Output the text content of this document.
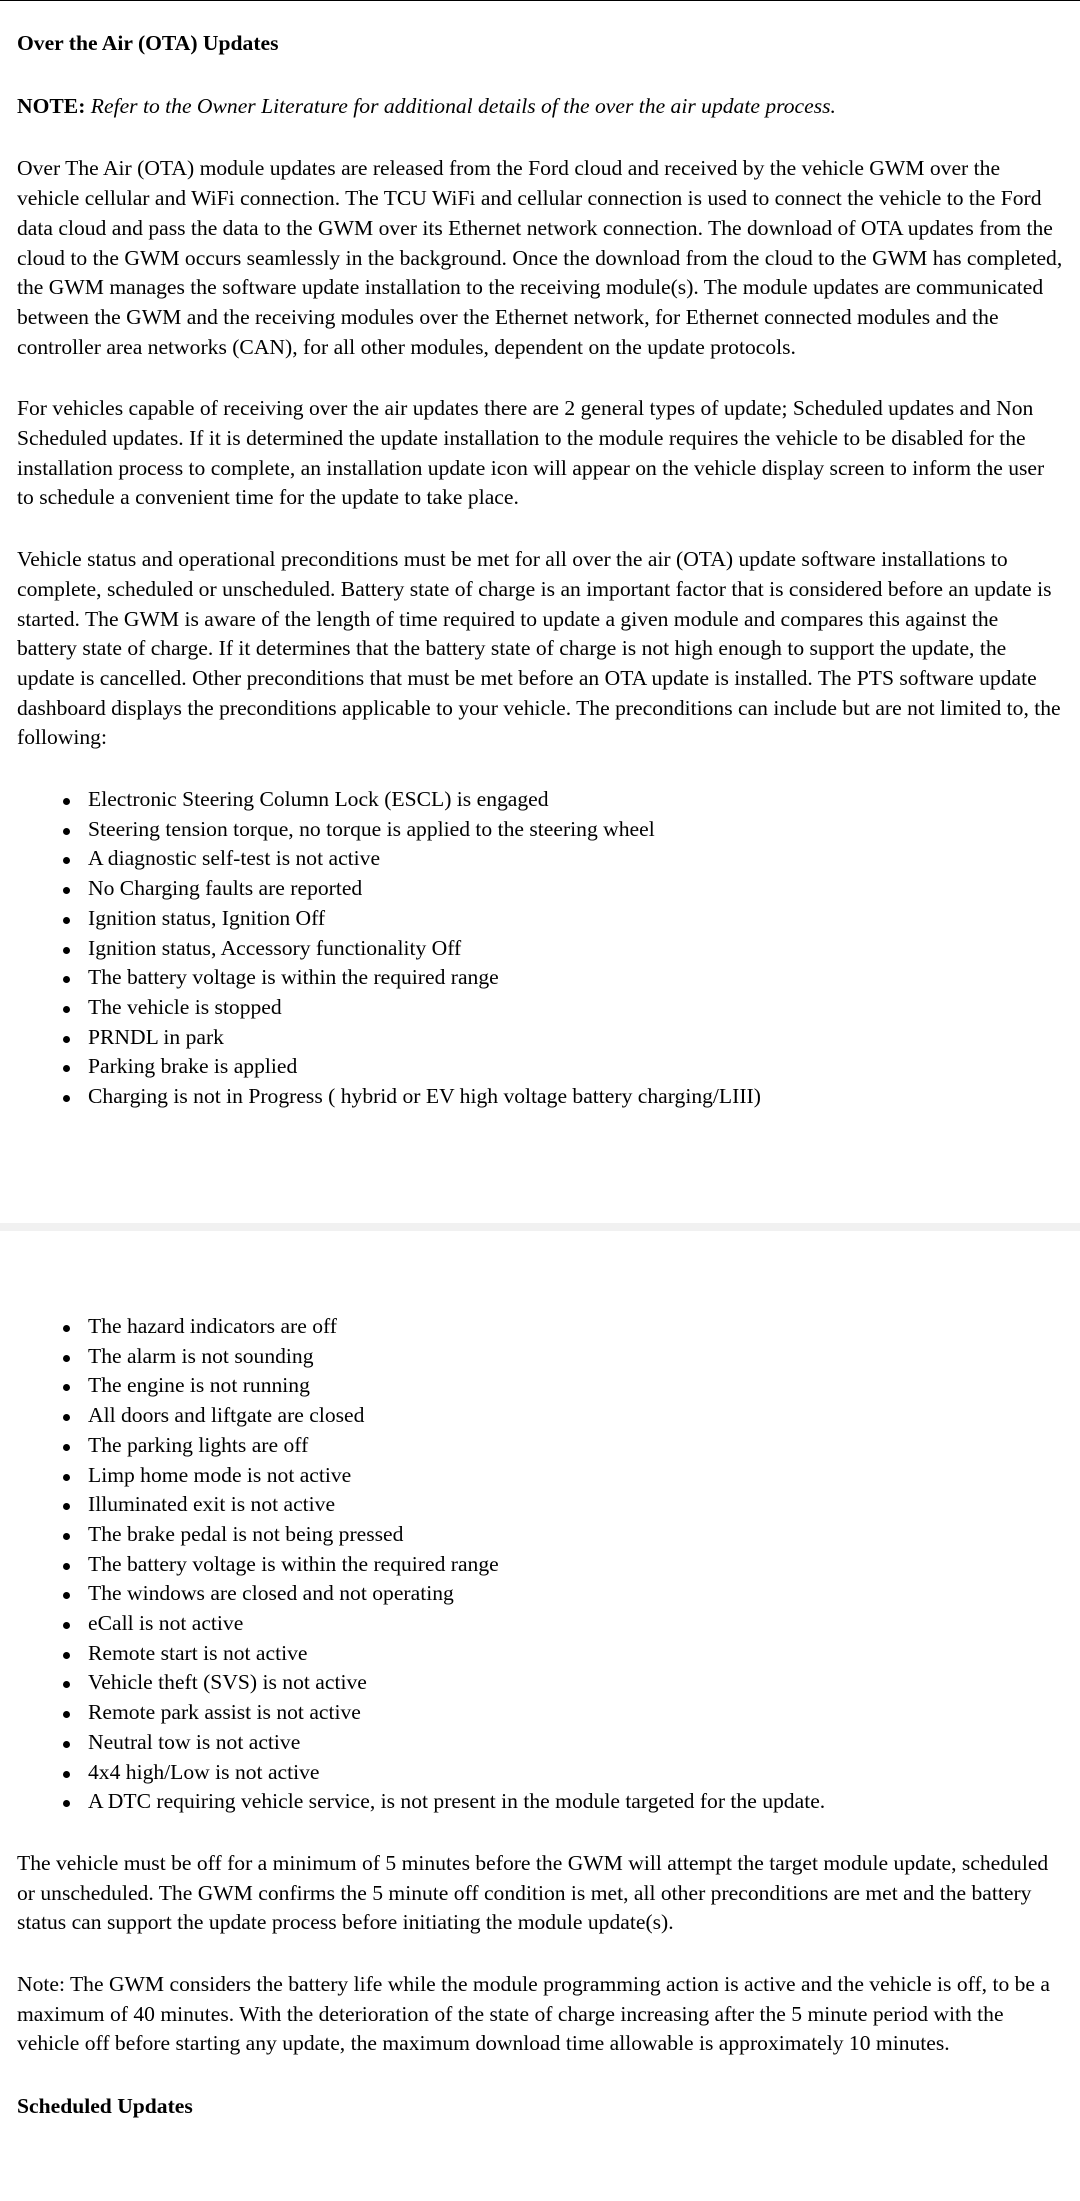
Over the Air (OTA) Updates

NOTE: Refer to the Owner Literature for additional details of the over the air update process.

Over The Air (OTA) module updates are released from the Ford cloud and received by the vehicle GWM over the vehicle cellular and WiFi connection. The TCU WiFi and cellular connection is used to connect the vehicle to the Ford data cloud and pass the data to the GWM over its Ethernet network connection. The download of OTA updates from the cloud to the GWM occurs seamlessly in the background. Once the download from the cloud to the GWM has completed, the GWM manages the software update installation to the receiving module(s). The module updates are communicated between the GWM and the receiving modules over the Ethernet network, for Ethernet connected modules and the controller area networks (CAN), for all other modules, dependent on the update protocols.

For vehicles capable of receiving over the air updates there are 2 general types of update; Scheduled updates and Non Scheduled updates. If it is determined the update installation to the module requires the vehicle to be disabled for the installation process to complete, an installation update icon will appear on the vehicle display screen to inform the user to schedule a convenient time for the update to take place.

Vehicle status and operational preconditions must be met for all over the air (OTA) update software installations to complete, scheduled or unscheduled. Battery state of charge is an important factor that is considered before an update is started. The GWM is aware of the length of time required to update a given module and compares this against the battery state of charge. If it determines that the battery state of charge is not high enough to support the update, the update is cancelled. Other preconditions that must be met before an OTA update is installed. The PTS software update dashboard displays the preconditions applicable to your vehicle. The preconditions can include but are not limited to, the following:

Electronic Steering Column Lock (ESCL) is engaged
Steering tension torque, no torque is applied to the steering wheel
A diagnostic self-test is not active
No Charging faults are reported
Ignition status, Ignition Off
Ignition status, Accessory functionality Off
The battery voltage is within the required range
The vehicle is stopped
PRNDL in park
Parking brake is applied
Charging is not in Progress ( hybrid or EV high voltage battery charging/LIII)
The hazard indicators are off
The alarm is not sounding
The engine is not running
All doors and liftgate are closed
The parking lights are off
Limp home mode is not active
Illuminated exit is not active
The brake pedal is not being pressed
The battery voltage is within the required range
The windows are closed and not operating
eCall is not active
Remote start is not active
Vehicle theft (SVS) is not active
Remote park assist is not active
Neutral tow is not active
4x4 high/Low is not active
A DTC requiring vehicle service, is not present in the module targeted for the update.

The vehicle must be off for a minimum of 5 minutes before the GWM will attempt the target module update, scheduled or unscheduled. The GWM confirms the 5 minute off condition is met, all other preconditions are met and the battery status can support the update process before initiating the module update(s).

Note: The GWM considers the battery life while the module programming action is active and the vehicle is off, to be a maximum of 40 minutes. With the deterioration of the state of charge increasing after the 5 minute period with the vehicle off before starting any update, the maximum download time allowable is approximately 10 minutes.

Scheduled Updates
